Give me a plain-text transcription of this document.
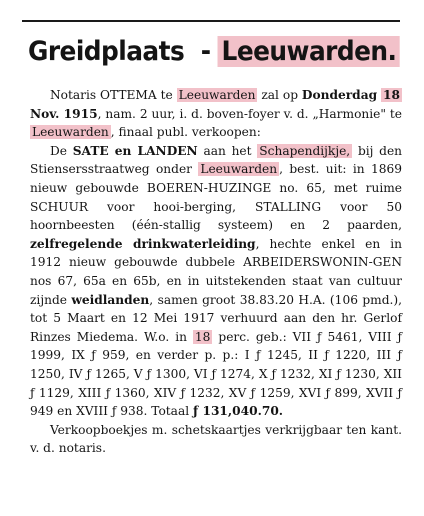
Greidplaats - Leeuwarden.

Notaris OTTEMA te Leeuwarden zal op Donderdag 18 Nov. 1915, nam. 2 uur, i. d. boven-foyer v. d. „Harmonie" te Leeuwarden , finaal publ. verkoopen:

De SATE en LANDEN aan het Schapendijkje, bij den Stiensersstraatweg onder Leeuwarden , best. uit: in 1869 nieuw gebouwde BOEREN-HUZINGE no. 65, met ruime SCHUUR voor hooi-berging, STALLING voor 50 hoornbeesten (één-stallig systeem) en 2 paarden, zelfregelende drinkwaterleiding, hechte enkel en in 1912 nieuw gebouwde dubbele ARBEIDERSWONIN-GEN nos 67, 65a en 65b, en in uitstekenden staat van cultuur zijnde weidlanden, samen groot 38.83.20 H.A. (106 pmd.), tot 5 Maart en 12 Mei 1917 verhuurd aan den hr. Gerlof Rinzes Miedema. W.o. in 18 perc. geb.: VII ƒ 5461, VIII ƒ 1999, IX ƒ 959, en verder p. p.: I ƒ 1245, II ƒ 1220, III ƒ 1250, IV ƒ 1265, V ƒ 1300, VI ƒ 1274, X ƒ 1232, XI ƒ 1230, XII ƒ 1129, XIII ƒ 1360, XIV ƒ 1232, XV ƒ 1259, XVI ƒ 899, XVII ƒ 949 en XVIII ƒ 938. Totaal ƒ 131,040.70.

Verkoopboekjes m. schetskaartjes verkrijgbaar ten kant. v. d. notaris.
